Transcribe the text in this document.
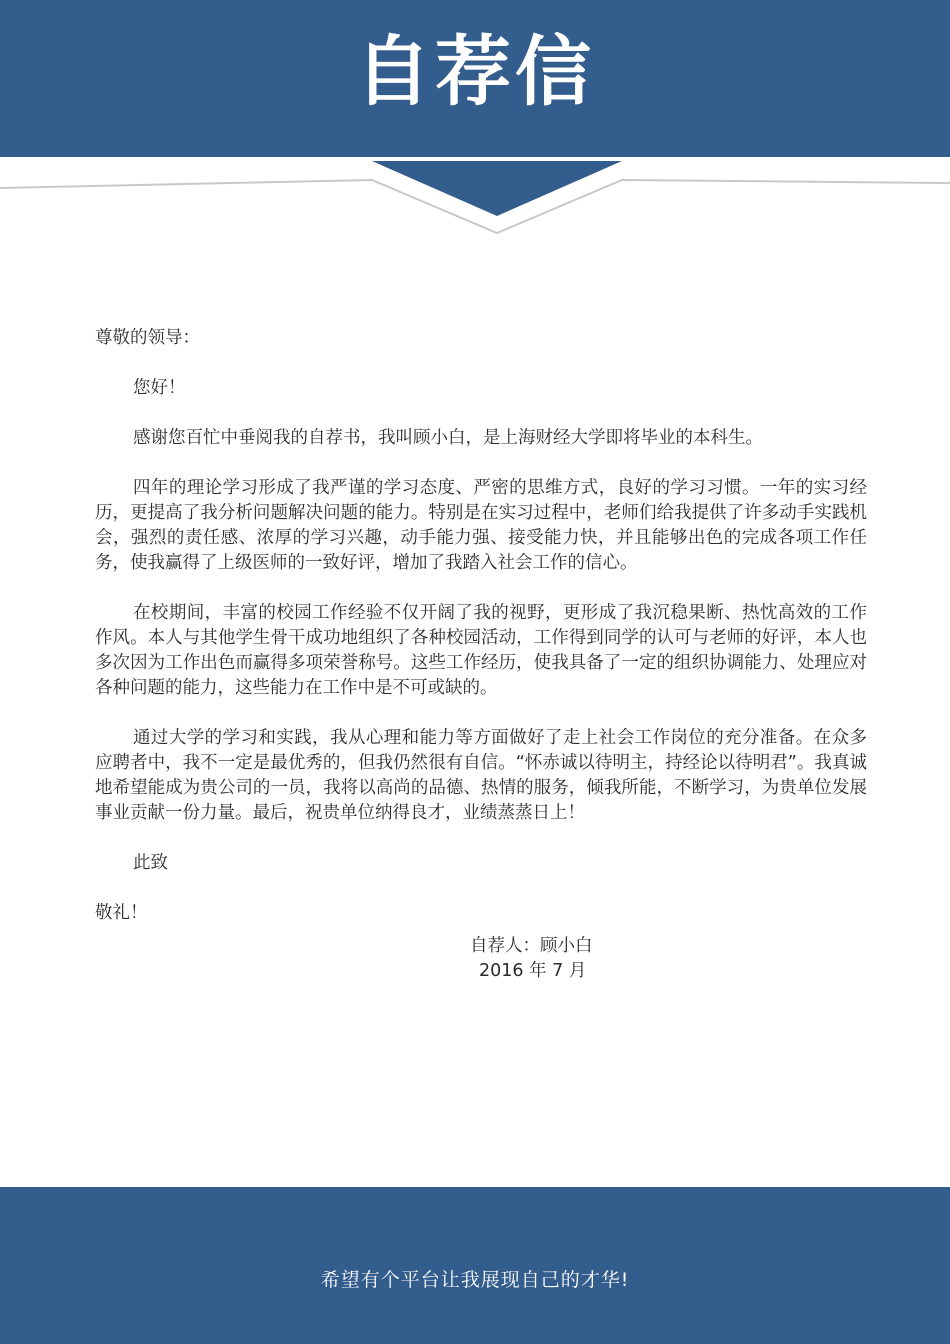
自荐信

尊敬的领导：

您好！

感谢您百忙中垂阅我的自荐书，我叫顾小白，是上海财经大学即将毕业的本科生。

四年的理论学习形成了我严谨的学习态度、严密的思维方式，良好的学习习惯。一年的实习经历，更提高了我分析问题解决问题的能力。特别是在实习过程中，老师们给我提供了许多动手实践机会，强烈的责任感、浓厚的学习兴趣，动手能力强、接受能力快，并且能够出色的完成各项工作任务，使我赢得了上级医师的一致好评，增加了我踏入社会工作的信心。

在校期间，丰富的校园工作经验不仅开阔了我的视野，更形成了我沉稳果断、热忱高效的工作作风。本人与其他学生骨干成功地组织了各种校园活动，工作得到同学的认可与老师的好评，本人也多次因为工作出色而赢得多项荣誉称号。这些工作经历，使我具备了一定的组织协调能力、处理应对各种问题的能力，这些能力在工作中是不可或缺的。

通过大学的学习和实践，我从心理和能力等方面做好了走上社会工作岗位的充分准备。在众多应聘者中，我不一定是最优秀的，但我仍然很有自信。“怀赤诚以待明主，持经论以待明君”。我真诚地希望能成为贵公司的一员，我将以高尚的品德、热情的服务，倾我所能，不断学习，为贵单位发展事业贡献一份力量。最后，祝贵单位纳得良才，业绩蒸蒸日上！

此致

敬礼！

自荐人：顾小白
2016 年 7 月
希望有个平台让我展现自己的才华!
